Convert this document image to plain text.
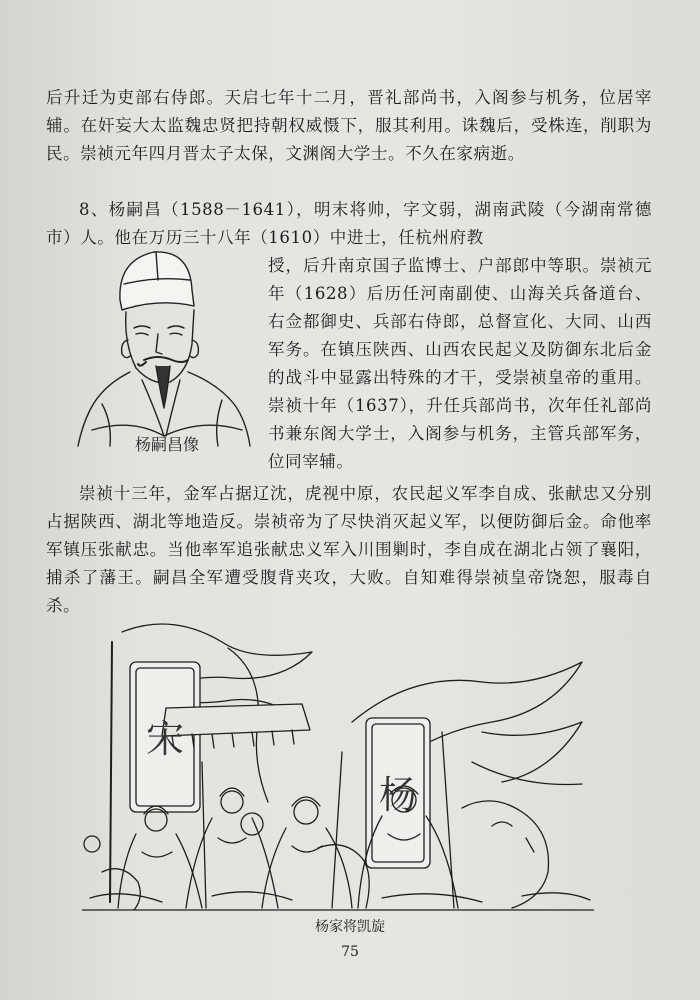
后升迁为吏部右侍郎。天启七年十二月，晋礼部尚书，入阁参与机务，位居宰辅。在奸妄大太监魏忠贤把持朝权威慑下，服其利用。诛魏后，受株连，削职为民。崇祯元年四月晋太子太保，文渊阁大学士。不久在家病逝。

8、杨嗣昌（1588－1641），明末将帅，字文弱，湖南武陵（今湖南常德市）人。他在万历三十八年（1610）中进士，任杭州府教

杨嗣昌像

授，后升南京国子监博士、户部郎中等职。崇祯元年（1628）后历任河南副使、山海关兵备道台、右佥都御史、兵部右侍郎，总督宣化、大同、山西军务。在镇压陕西、山西农民起义及防御东北后金的战斗中显露出特殊的才干，受崇祯皇帝的重用。崇祯十年（1637），升任兵部尚书，次年任礼部尚书兼东阁大学士，入阁参与机务，主管兵部军务，位同宰辅。

崇祯十三年，金军占据辽沈，虎视中原，农民起义军李自成、张献忠又分别占据陕西、湖北等地造反。崇祯帝为了尽快消灭起义军，以便防御后金。命他率军镇压张献忠。当他率军追张献忠义军入川围剿时，李自成在湖北占领了襄阳，捕杀了藩王。嗣昌全军遭受腹背夹攻，大败。自知难得崇祯皇帝饶恕，服毒自杀。

宋
杨
杨家将凯旋
75
